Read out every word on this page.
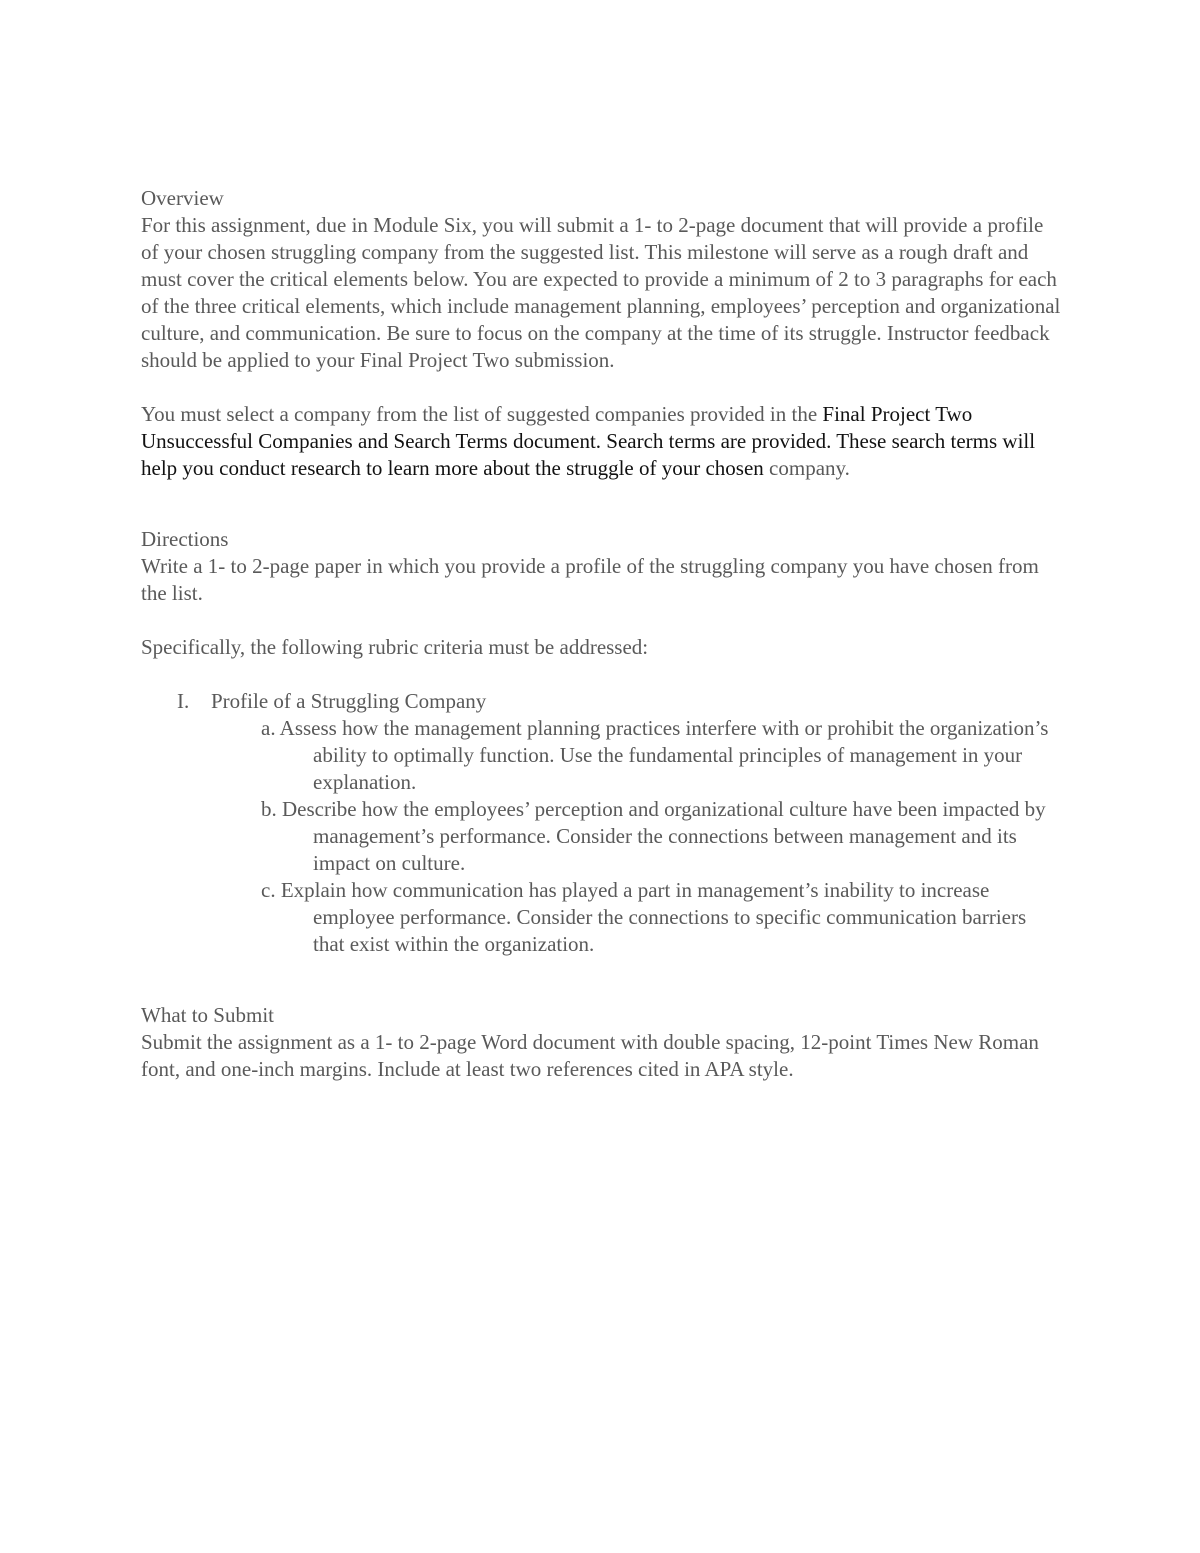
Overview

For this assignment, due in Module Six, you will submit a 1- to 2-page document that will provide a profile of your chosen struggling company from the suggested list. This milestone will serve as a rough draft and must cover the critical elements below. You are expected to provide a minimum of 2 to 3 paragraphs for each of the three critical elements, which include management planning, employees’ perception and organizational culture, and communication. Be sure to focus on the company at the time of its struggle. Instructor feedback should be applied to your Final Project Two submission.

You must select a company from the list of suggested companies provided in the Final Project Two Unsuccessful Companies and Search Terms document. Search terms are provided. These search terms will help you conduct research to learn more about the struggle of your chosen company.

Directions

Write a 1- to 2-page paper in which you provide a profile of the struggling company you have chosen from the list.

Specifically, the following rubric criteria must be addressed:

I. Profile of a Struggling Company
a. Assess how the management planning practices interfere with or prohibit the organization’s ability to optimally function. Use the fundamental principles of management in your explanation.
b. Describe how the employees’ perception and organizational culture have been impacted by management’s performance. Consider the connections between management and its impact on culture.
c. Explain how communication has played a part in management’s inability to increase employee performance. Consider the connections to specific communication barriers that exist within the organization.
What to Submit

Submit the assignment as a 1- to 2-page Word document with double spacing, 12-point Times New Roman font, and one-inch margins. Include at least two references cited in APA style.
